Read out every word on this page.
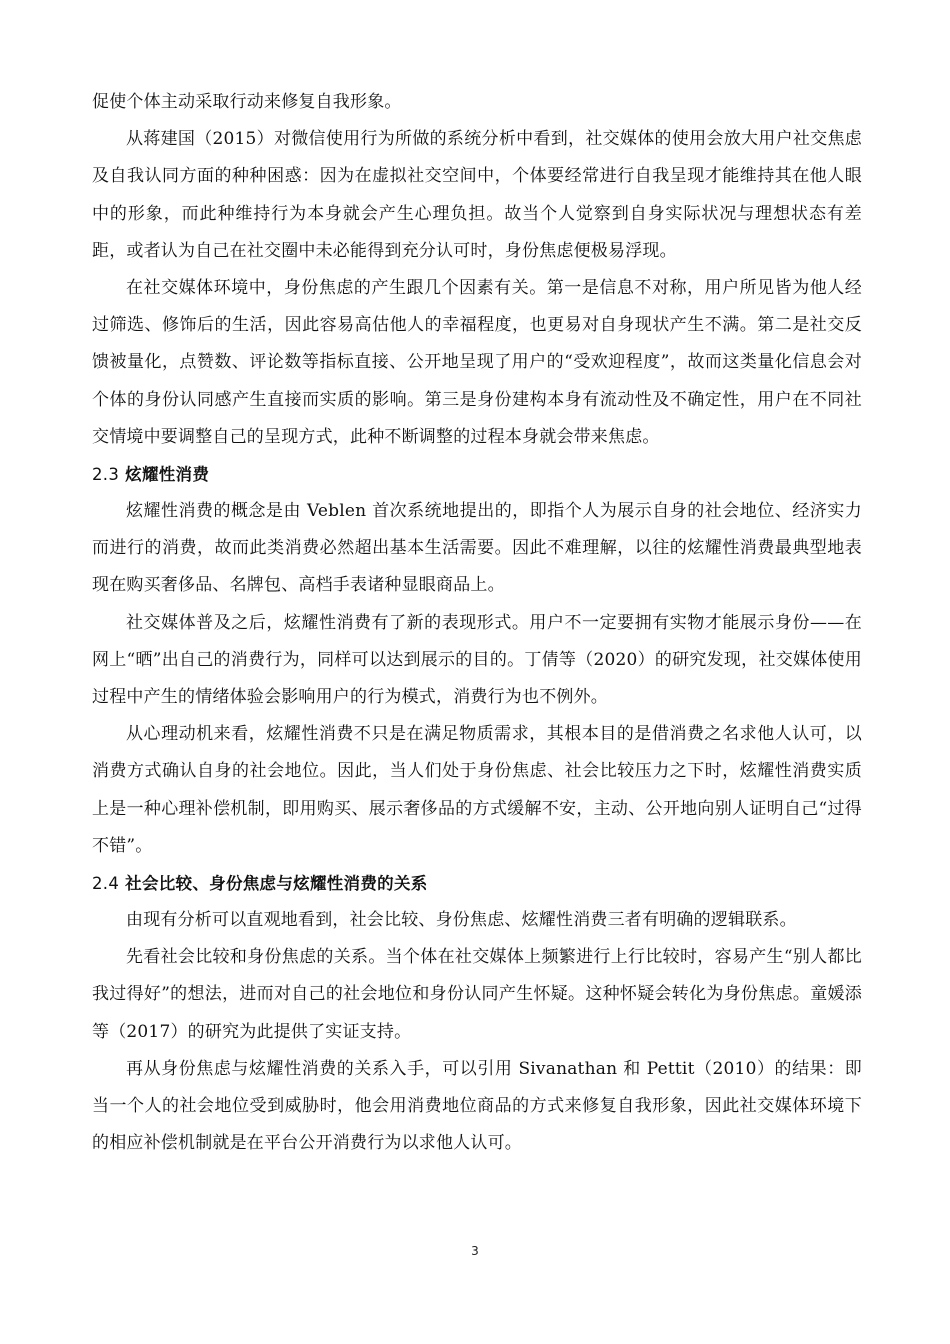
促使个体主动采取行动来修复自我形象。

从蒋建国（2015）对微信使用行为所做的系统分析中看到，社交媒体的使用会放大用户社交焦虑及自我认同方面的种种困惑：因为在虚拟社交空间中，个体要经常进行自我呈现才能维持其在他人眼中的形象，而此种维持行为本身就会产生心理负担。故当个人觉察到自身实际状况与理想状态有差距，或者认为自己在社交圈中未必能得到充分认可时，身份焦虑便极易浮现。

在社交媒体环境中，身份焦虑的产生跟几个因素有关。第一是信息不对称，用户所见皆为他人经过筛选、修饰后的生活，因此容易高估他人的幸福程度，也更易对自身现状产生不满。第二是社交反馈被量化，点赞数、评论数等指标直接、公开地呈现了用户的“受欢迎程度”，故而这类量化信息会对个体的身份认同感产生直接而实质的影响。第三是身份建构本身有流动性及不确定性，用户在不同社交情境中要调整自己的呈现方式，此种不断调整的过程本身就会带来焦虑。

2.3 炫耀性消费

炫耀性消费的概念是由 Veblen 首次系统地提出的，即指个人为展示自身的社会地位、经济实力而进行的消费，故而此类消费必然超出基本生活需要。因此不难理解，以往的炫耀性消费最典型地表现在购买奢侈品、名牌包、高档手表诸种显眼商品上。

社交媒体普及之后，炫耀性消费有了新的表现形式。用户不一定要拥有实物才能展示身份——在网上“晒”出自己的消费行为，同样可以达到展示的目的。丁倩等（2020）的研究发现，社交媒体使用过程中产生的情绪体验会影响用户的行为模式，消费行为也不例外。

从心理动机来看，炫耀性消费不只是在满足物质需求，其根本目的是借消费之名求他人认可，以消费方式确认自身的社会地位。因此，当人们处于身份焦虑、社会比较压力之下时，炫耀性消费实质上是一种心理补偿机制，即用购买、展示奢侈品的方式缓解不安，主动、公开地向别人证明自己“过得不错”。

2.4 社会比较、身份焦虑与炫耀性消费的关系

由现有分析可以直观地看到，社会比较、身份焦虑、炫耀性消费三者有明确的逻辑联系。

先看社会比较和身份焦虑的关系。当个体在社交媒体上频繁进行上行比较时，容易产生“别人都比我过得好”的想法，进而对自己的社会地位和身份认同产生怀疑。这种怀疑会转化为身份焦虑。童媛添等（2017）的研究为此提供了实证支持。

再从身份焦虑与炫耀性消费的关系入手，可以引用 Sivanathan 和 Pettit（2010）的结果：即当一个人的社会地位受到威胁时，他会用消费地位商品的方式来修复自我形象，因此社交媒体环境下的相应补偿机制就是在平台公开消费行为以求他人认可。

3
